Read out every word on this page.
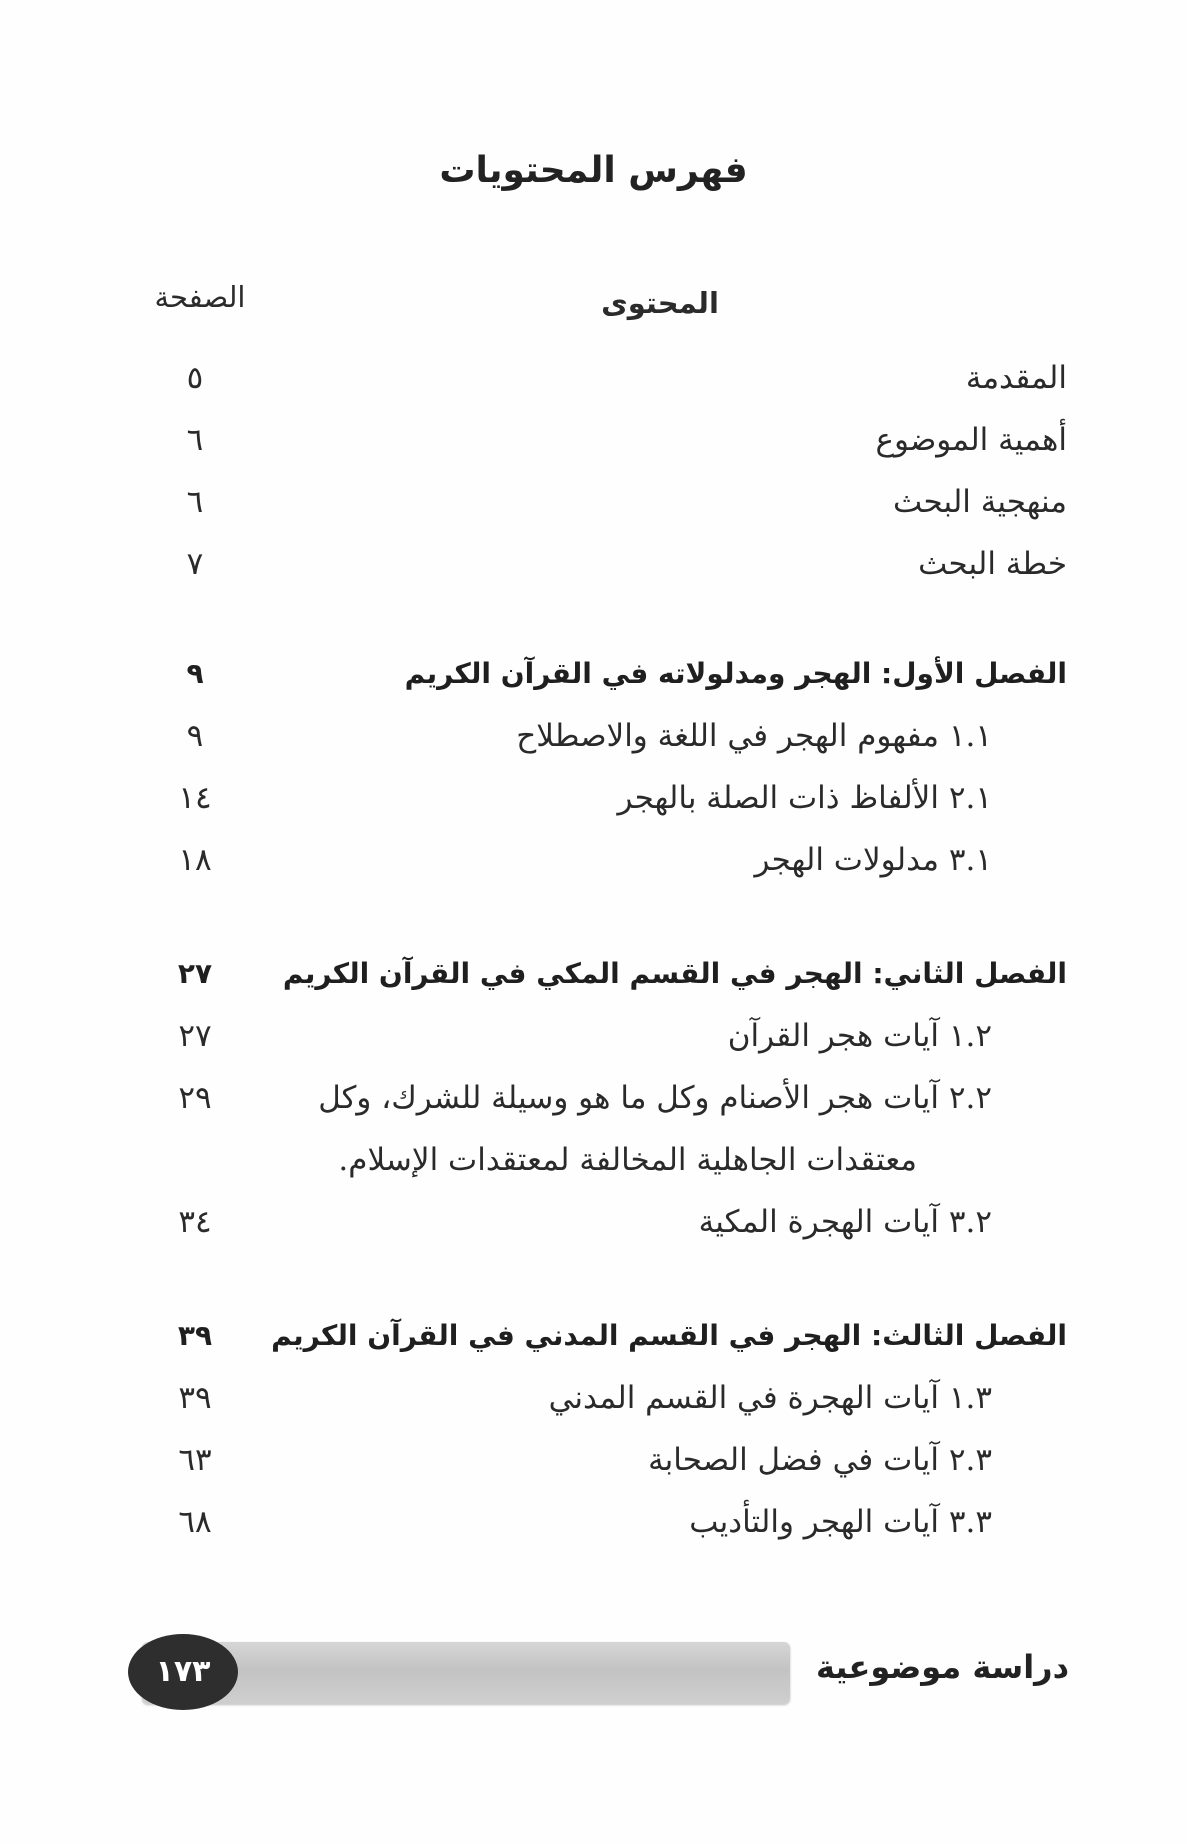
فهرس المحتويات
المحتوى
الصفحة
المقدمة
٥
أهمية الموضوع
٦
منهجية البحث
٦
خطة البحث
٧
الفصل الأول: الهجر ومدلولاته في القرآن الكريم
٩
١.١ مفهوم الهجر في اللغة والاصطلاح
٩
٢.١ الألفاظ ذات الصلة بالهجر
١٤
٣.١ مدلولات الهجر
١٨
الفصل الثاني: الهجر في القسم المكي في القرآن الكريم
٢٧
١.٢ آيات هجر القرآن
٢٧
٢.٢ آيات هجر الأصنام وكل ما هو وسيلة للشرك، وكل
٢٩
معتقدات الجاهلية المخالفة لمعتقدات الإسلام.
٣.٢ آيات الهجرة المكية
٣٤
الفصل الثالث: الهجر في القسم المدني في القرآن الكريم
٣٩
١.٣ آيات الهجرة في القسم المدني
٣٩
٢.٣ آيات في فضل الصحابة
٦٣
٣.٣ آيات الهجر والتأديب
٦٨
١٧٣	دراسة موضوعية
